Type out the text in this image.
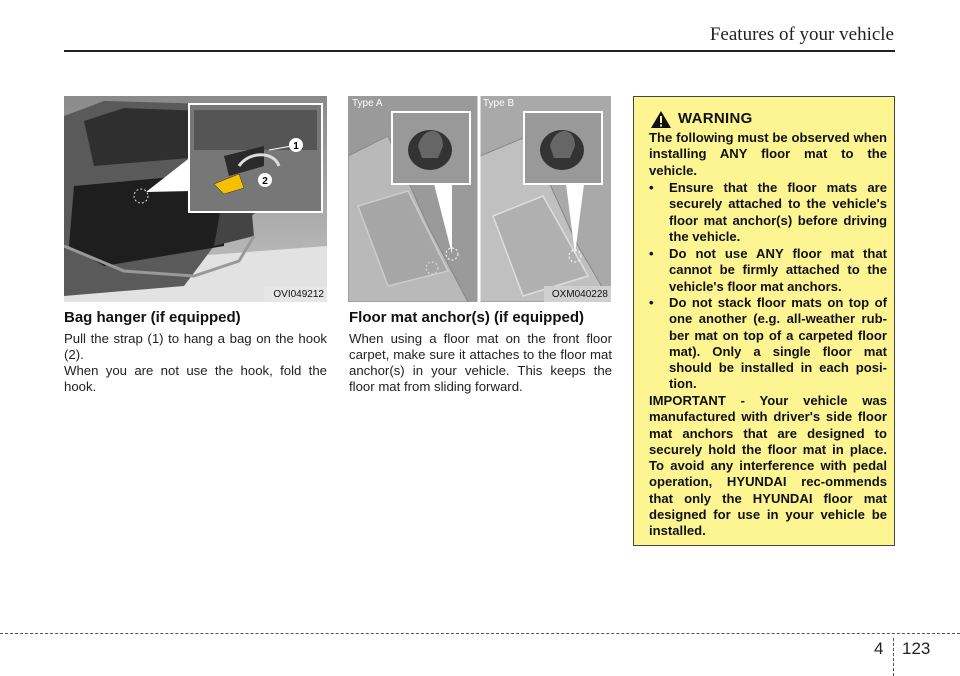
Features of your vehicle
1
2
OVI049212
Type A	Type B
OXM040228
Bag hanger (if equipped)

Pull the strap (1) to hang a bag on the hook (2).

When you are not use the hook, fold the hook.

Floor mat anchor(s) (if equipped)

When using a floor mat on the front floor carpet, make sure it attaches to the floor mat anchor(s) in your vehicle. This keeps the floor mat from sliding forward.

WARNING

The following must be observed when installing ANY floor mat to the vehicle.

• Ensure that the floor mats are securely attached to the vehicle's floor mat anchor(s) before driving the vehicle.
• Do not use ANY floor mat that cannot be firmly attached to the vehicle's floor mat anchors.
• Do not stack floor mats on top of one another (e.g. all-weather rub-ber mat on top of a carpeted floor mat). Only a single floor mat should be installed in each posi-tion.

IMPORTANT - Your vehicle was manufactured with driver's side floor mat anchors that are designed to securely hold the floor mat in place. To avoid any interference with pedal operation, HYUNDAI rec-ommends that only the HYUNDAI floor mat designed for use in your vehicle be installed.

4 123
